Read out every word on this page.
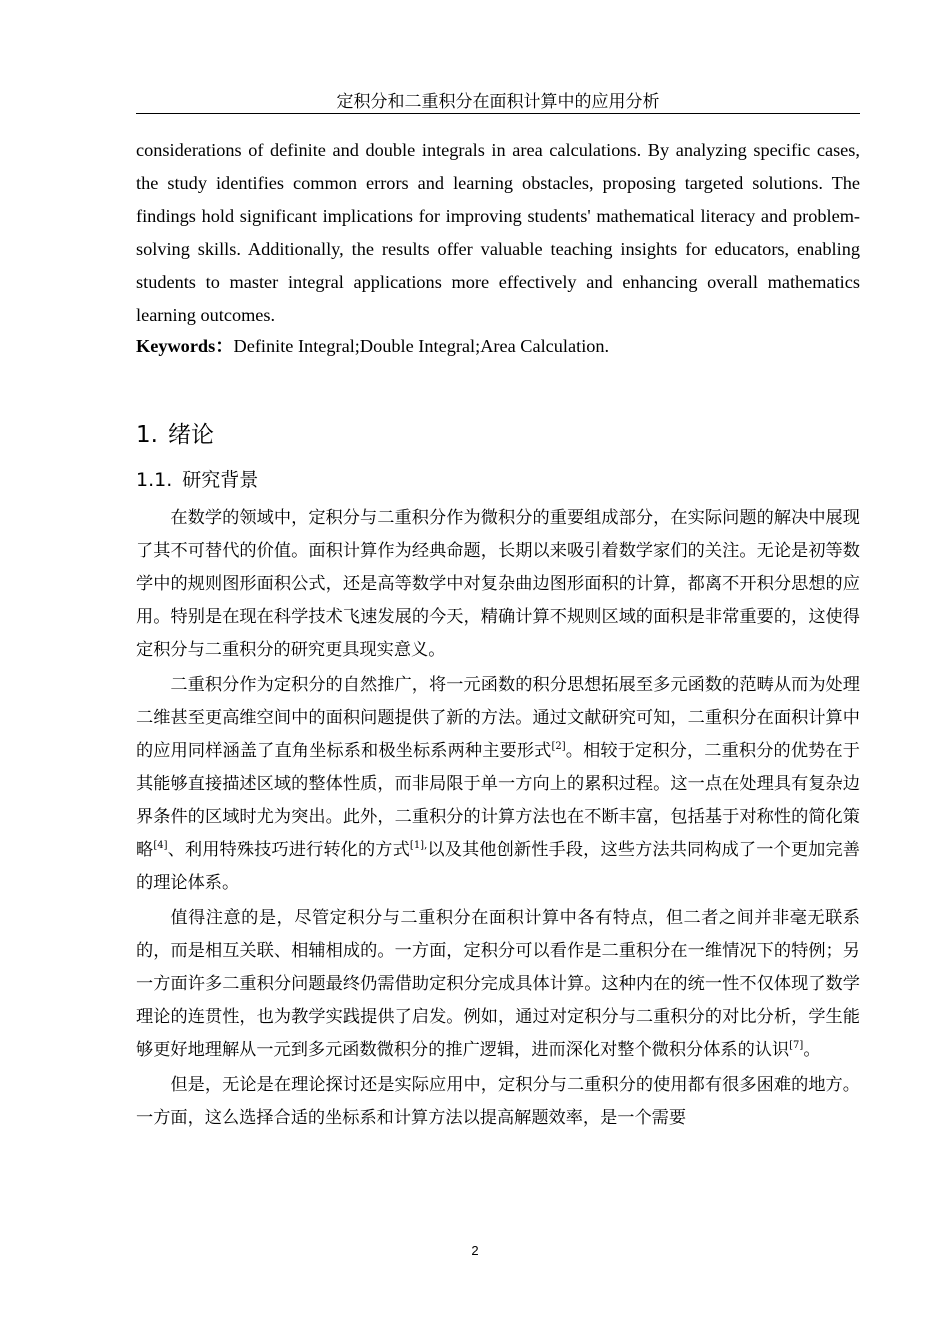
定积分和二重积分在面积计算中的应用分析

considerations of definite and double integrals in area calculations. By analyzing specific cases, the study identifies common errors and learning obstacles, proposing targeted solutions. The findings hold significant implications for improving students' mathematical literacy and problem-solving skills. Additionally, the results offer valuable teaching insights for educators, enabling students to master integral applications more effectively and enhancing overall mathematics learning outcomes.

Keywords：Definite Integral;Double Integral;Area Calculation.
1. 绪论
1.1. 研究背景

在数学的领域中，定积分与二重积分作为微积分的重要组成部分，在实际问题的解决中展现了其不可替代的价值。面积计算作为经典命题，长期以来吸引着数学家们的关注。无论是初等数学中的规则图形面积公式，还是高等数学中对复杂曲边图形面积的计算，都离不开积分思想的应用。特别是在现在科学技术飞速发展的今天，精确计算不规则区域的面积是非常重要的，这使得定积分与二重积分的研究更具现实意义。

二重积分作为定积分的自然推广，将一元函数的积分思想拓展至多元函数的范畴从而为处理二维甚至更高维空间中的面积问题提供了新的方法。通过文献研究可知，二重积分在面积计算中的应用同样涵盖了直角坐标系和极坐标系两种主要形式[2]。相较于定积分，二重积分的优势在于其能够直接描述区域的整体性质，而非局限于单一方向上的累积过程。这一点在处理具有复杂边界条件的区域时尤为突出。此外，二重积分的计算方法也在不断丰富，包括基于对称性的简化策略[4]、利用特殊技巧进行转化的方式$^{[1],}$以及其他创新性手段，这些方法共同构成了一个更加完善的理论体系。

值得注意的是，尽管定积分与二重积分在面积计算中各有特点，但二者之间并非毫无联系的，而是相互关联、相辅相成的。一方面，定积分可以看作是二重积分在一维情况下的特例；另一方面许多二重积分问题最终仍需借助定积分完成具体计算。这种内在的统一性不仅体现了数学理论的连贯性，也为教学实践提供了启发。例如，通过对定积分与二重积分的对比分析，学生能够更好地理解从一元到多元函数微积分的推广逻辑，进而深化对整个微积分体系的认识[7]。

但是，无论是在理论探讨还是实际应用中，定积分与二重积分的使用都有很多困难的地方。一方面，这么选择合适的坐标系和计算方法以提高解题效率，是一个需要

2
